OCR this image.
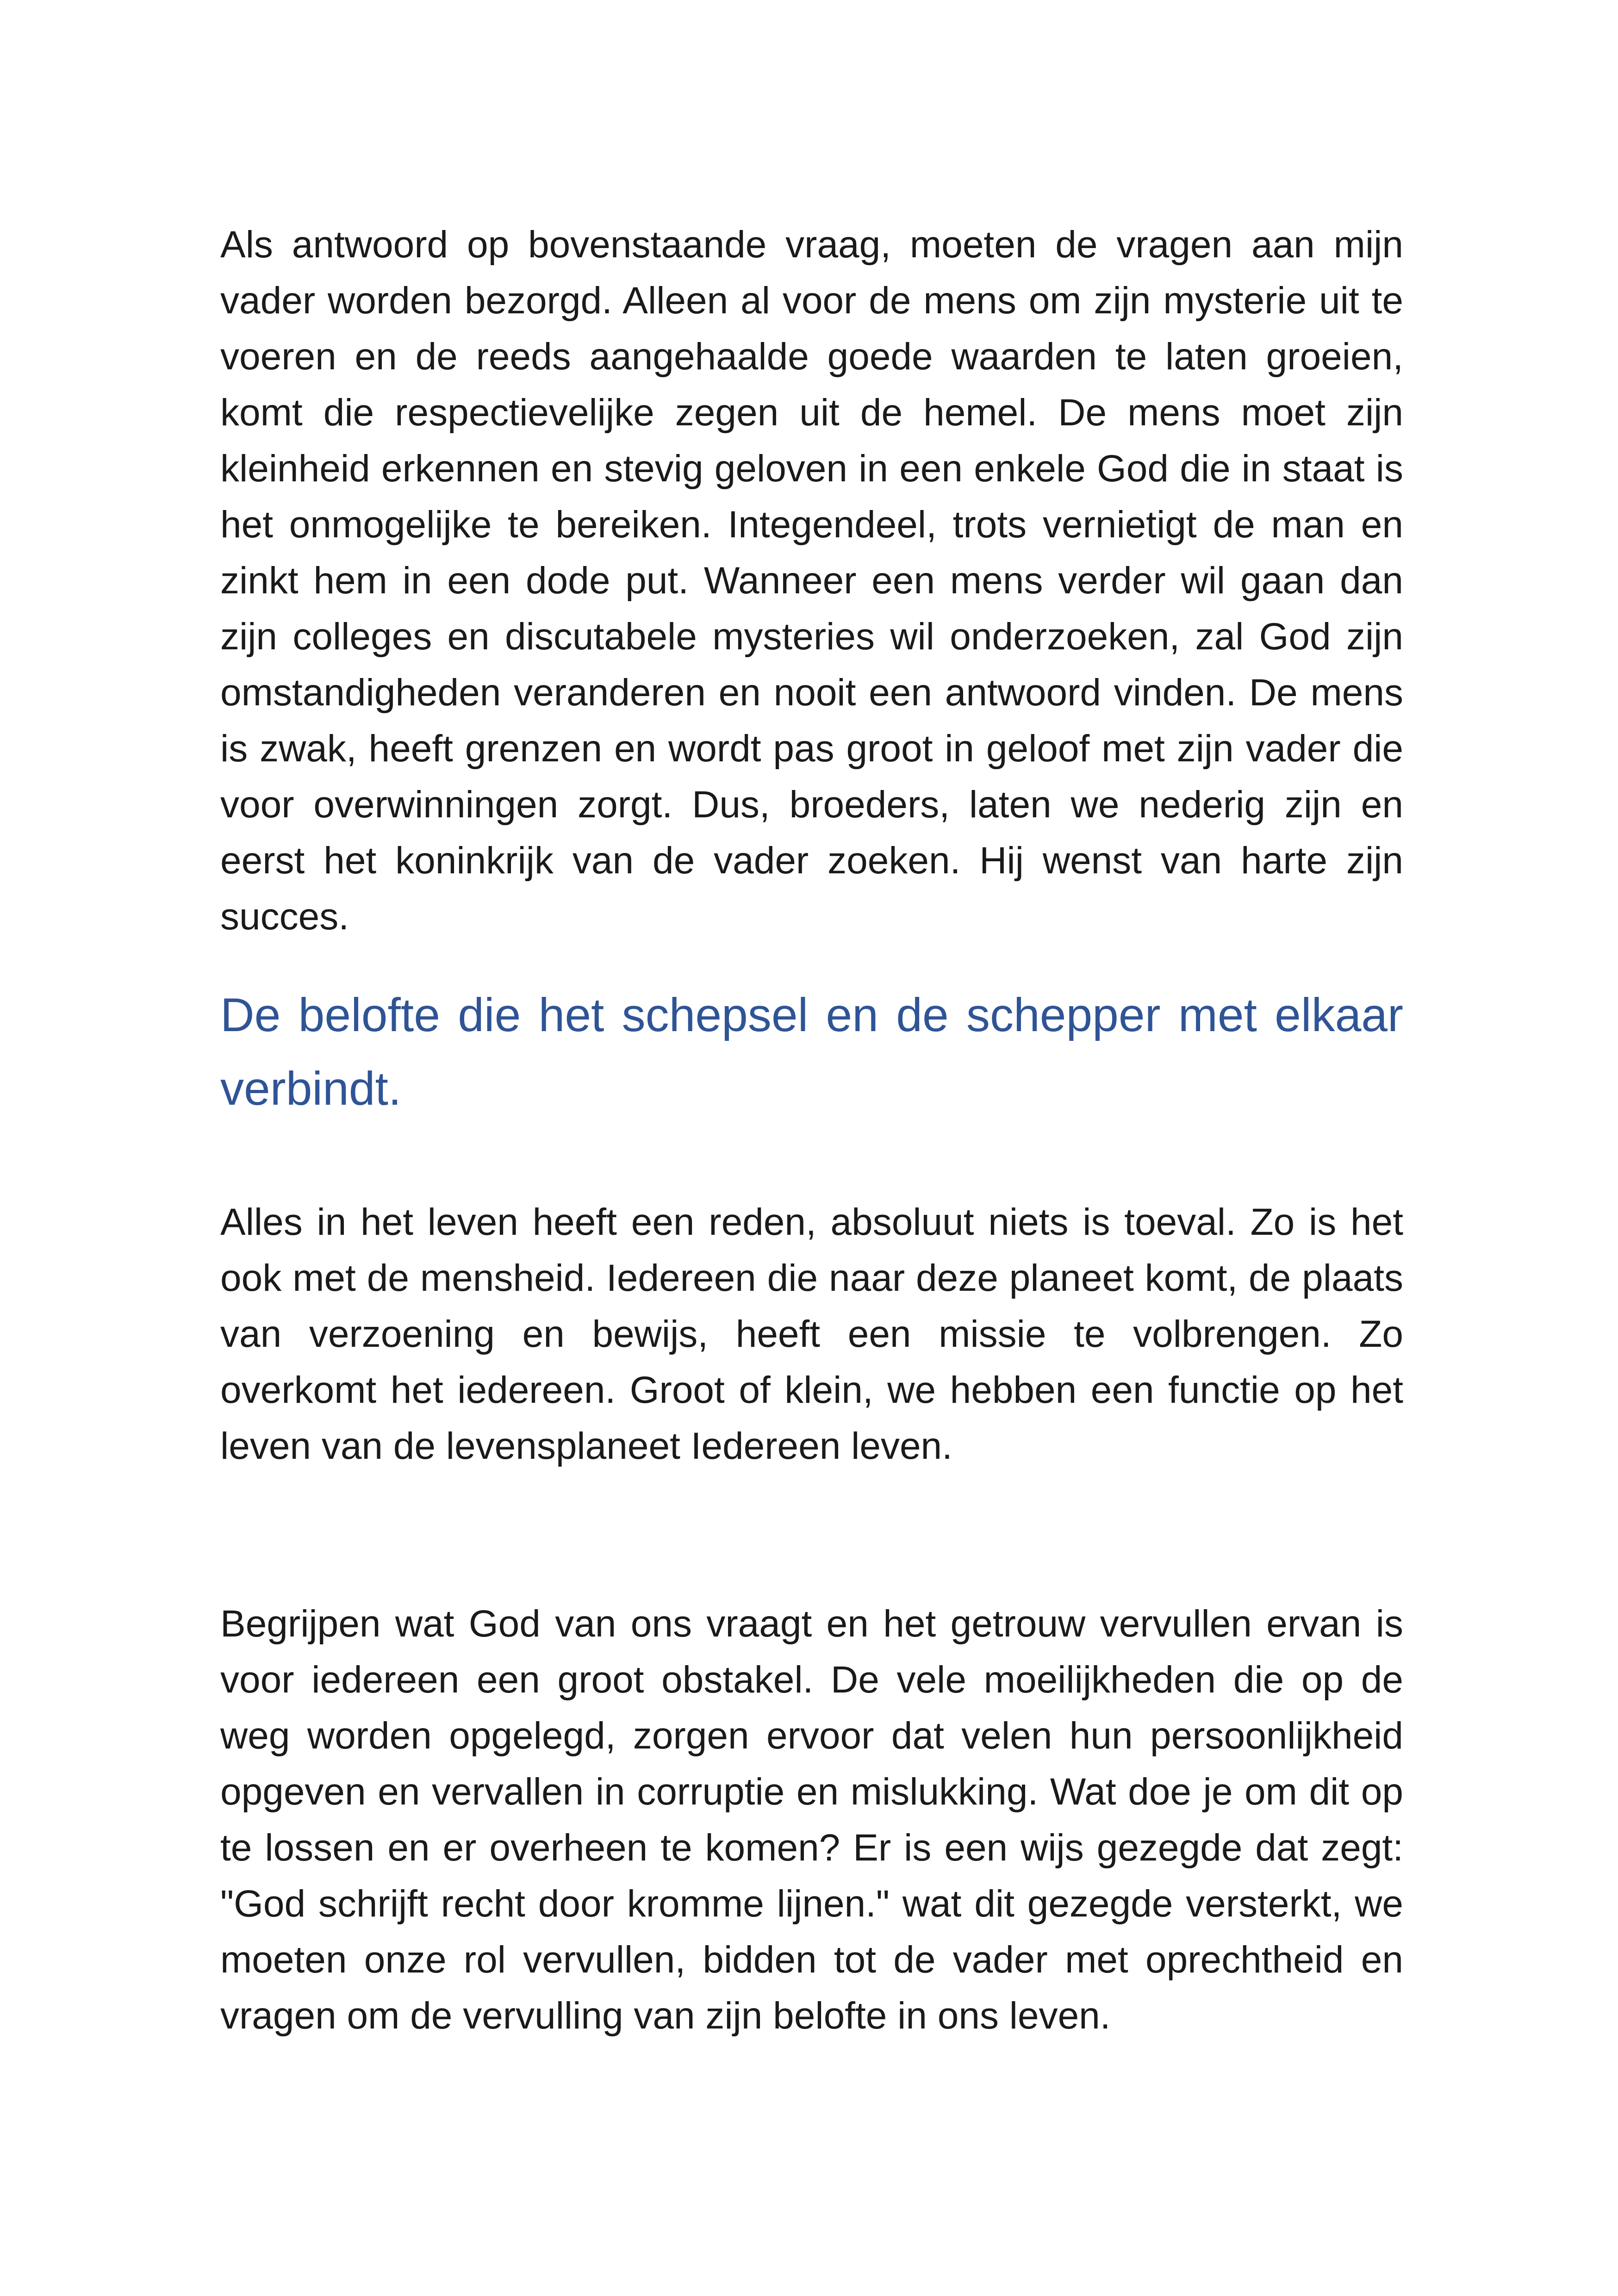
Als antwoord op bovenstaande vraag, moeten de vragen aan mijn vader worden bezorgd. Alleen al voor de mens om zijn mysterie uit te voeren en de reeds aangehaalde goede waarden te laten groeien, komt die respectievelijke zegen uit de hemel. De mens moet zijn kleinheid erkennen en stevig geloven in een enkele God die in staat is het onmogelijke te bereiken. Integendeel, trots vernietigt de man en zinkt hem in een dode put. Wanneer een mens verder wil gaan dan zijn colleges en discutabele mysteries wil onderzoeken, zal God zijn omstandigheden veranderen en nooit een antwoord vinden. De mens is zwak, heeft grenzen en wordt pas groot in geloof met zijn vader die voor overwinningen zorgt. Dus, broeders, laten we nederig zijn en eerst het koninkrijk van de vader zoeken. Hij wenst van harte zijn succes.

De belofte die het schepsel en de schepper met elkaar verbindt.

Alles in het leven heeft een reden, absoluut niets is toeval. Zo is het ook met de mensheid. Iedereen die naar deze planeet komt, de plaats van verzoening en bewijs, heeft een missie te volbrengen. Zo overkomt het iedereen. Groot of klein, we hebben een functie op het leven van de levensplaneet Iedereen leven.

Begrijpen wat God van ons vraagt en het getrouw vervullen ervan is voor iedereen een groot obstakel. De vele moeilijkheden die op de weg worden opgelegd, zorgen ervoor dat velen hun persoonlijkheid opgeven en vervallen in corruptie en mislukking. Wat doe je om dit op te lossen en er overheen te komen? Er is een wijs gezegde dat zegt: "God schrijft recht door kromme lijnen." wat dit gezegde versterkt, we moeten onze rol vervullen, bidden tot de vader met oprechtheid en vragen om de vervulling van zijn belofte in ons leven.
